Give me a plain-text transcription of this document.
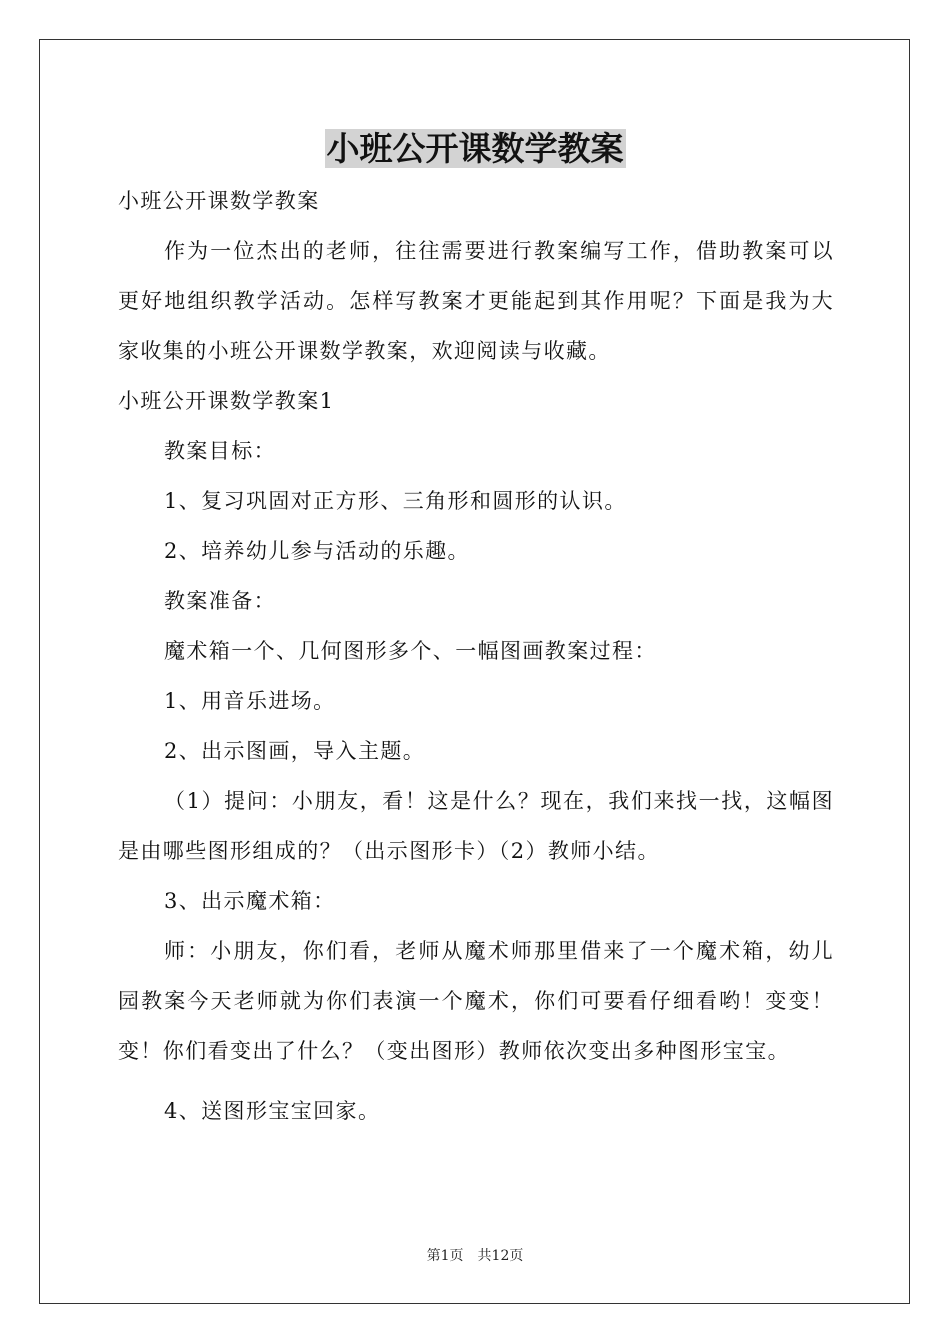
小班公开课数学教案

小班公开课数学教案

作为一位杰出的老师，往往需要进行教案编写工作，借助教案可以更好地组织教学活动。怎样写教案才更能起到其作用呢？下面是我为大家收集的小班公开课数学教案，欢迎阅读与收藏。

小班公开课数学教案1

教案目标：

1、复习巩固对正方形、三角形和圆形的认识。

2、培养幼儿参与活动的乐趣。

教案准备：

魔术箱一个、几何图形多个、一幅图画教案过程：

1、用音乐进场。

2、出示图画，导入主题。

（1）提问：小朋友，看！这是什么？现在，我们来找一找，这幅图是由哪些图形组成的？（出示图形卡）（2）教师小结。

3、出示魔术箱：

师：小朋友，你们看，老师从魔术师那里借来了一个魔术箱，幼儿园教案今天老师就为你们表演一个魔术，你们可要看仔细看哟！变变！变！你们看变出了什么？（变出图形）教师依次变出多种图形宝宝。

4、送图形宝宝回家。

第1页　共12页
